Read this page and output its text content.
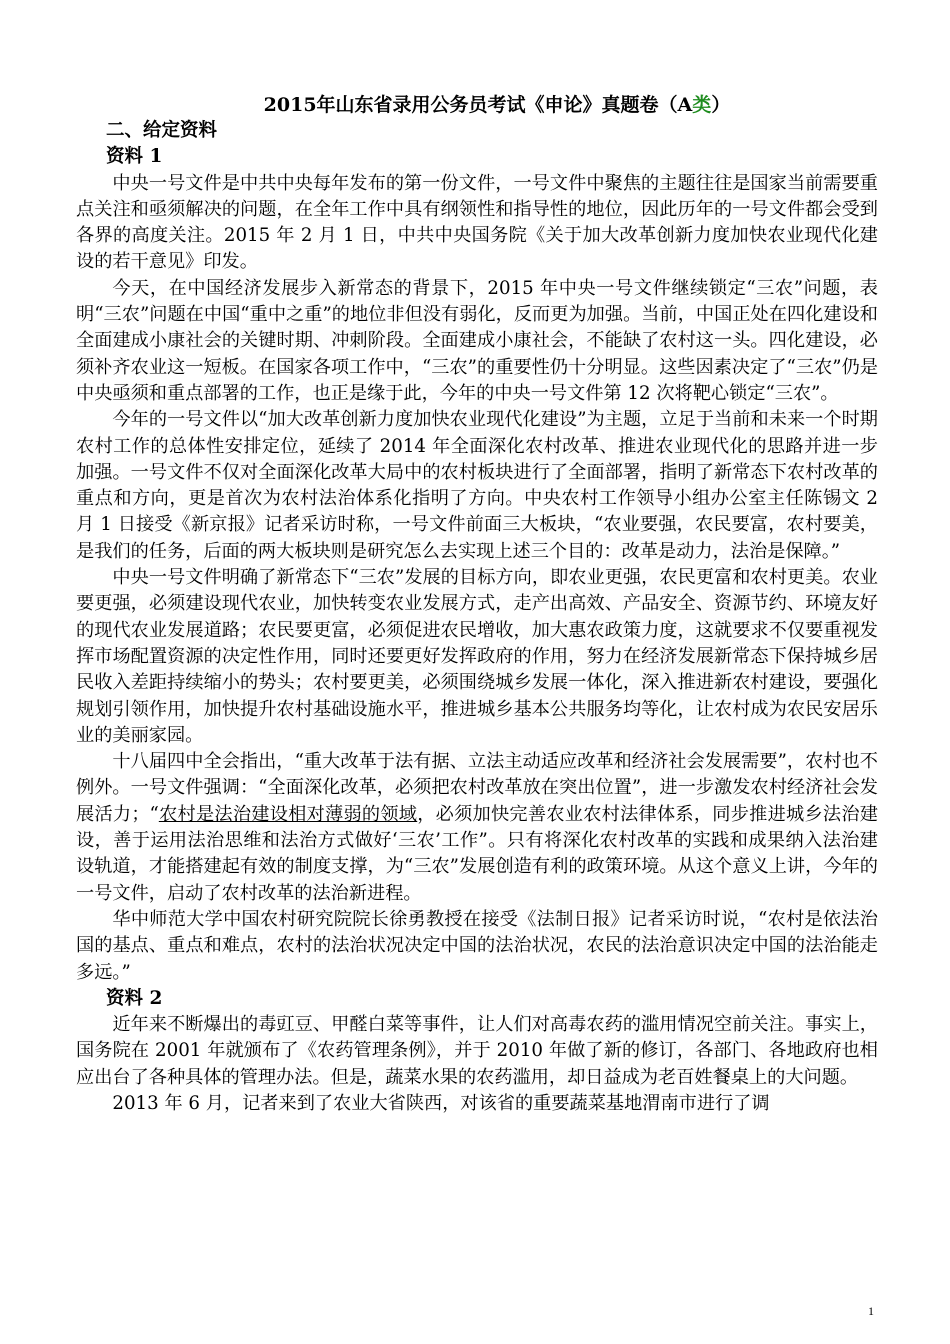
2015年山东省录用公务员考试《申论》真题卷（A类）
二、给定资料
资料 1

中央一号文件是中共中央每年发布的第一份文件，一号文件中聚焦的主题往往是国家当前需要重点关注和亟须解决的问题，在全年工作中具有纲领性和指导性的地位，因此历年的一号文件都会受到各界的高度关注。2015 年 2 月 1 日，中共中央国务院《关于加大改革创新力度加快农业现代化建设的若干意见》印发。

今天，在中国经济发展步入新常态的背景下，2015 年中央一号文件继续锁定“三农”问题，表明“三农”问题在中国“重中之重”的地位非但没有弱化，反而更为加强。当前，中国正处在四化建设和全面建成小康社会的关键时期、冲刺阶段。全面建成小康社会，不能缺了农村这一头。四化建设，必须补齐农业这一短板。在国家各项工作中，“三农”的重要性仍十分明显。这些因素决定了“三农”仍是中央亟须和重点部署的工作，也正是缘于此，今年的中央一号文件第 12 次将靶心锁定“三农”。

今年的一号文件以“加大改革创新力度加快农业现代化建设”为主题，立足于当前和未来一个时期农村工作的总体性安排定位，延续了 2014 年全面深化农村改革、推进农业现代化的思路并进一步加强。一号文件不仅对全面深化改革大局中的农村板块进行了全面部署，指明了新常态下农村改革的重点和方向，更是首次为农村法治体系化指明了方向。中央农村工作领导小组办公室主任陈锡文 2 月 1 日接受《新京报》记者采访时称，一号文件前面三大板块，“农业要强，农民要富，农村要美，是我们的任务，后面的两大板块则是研究怎么去实现上述三个目的：改革是动力，法治是保障。”

中央一号文件明确了新常态下“三农”发展的目标方向，即农业更强，农民更富和农村更美。农业要更强，必须建设现代农业，加快转变农业发展方式，走产出高效、产品安全、资源节约、环境友好的现代农业发展道路；农民要更富，必须促进农民增收，加大惠农政策力度，这就要求不仅要重视发挥市场配置资源的决定性作用，同时还要更好发挥政府的作用，努力在经济发展新常态下保持城乡居民收入差距持续缩小的势头；农村要更美，必须围绕城乡发展一体化，深入推进新农村建设，要强化规划引领作用，加快提升农村基础设施水平，推进城乡基本公共服务均等化，让农村成为农民安居乐业的美丽家园。

十八届四中全会指出，“重大改革于法有据、立法主动适应改革和经济社会发展需要”，农村也不例外。一号文件强调：“全面深化改革，必须把农村改革放在突出位置”，进一步激发农村经济社会发展活力；“农村是法治建设相对薄弱的领域，必须加快完善农业农村法律体系，同步推进城乡法治建设，善于运用法治思维和法治方式做好‘三农’工作”。只有将深化农村改革的实践和成果纳入法治建设轨道，才能搭建起有效的制度支撑，为“三农”发展创造有利的政策环境。从这个意义上讲，今年的一号文件，启动了农村改革的法治新进程。

华中师范大学中国农村研究院院长徐勇教授在接受《法制日报》记者采访时说，“农村是依法治国的基点、重点和难点，农村的法治状况决定中国的法治状况，农民的法治意识决定中国的法治能走多远。”

资料 2

近年来不断爆出的毒豇豆、甲醛白菜等事件，让人们对高毒农药的滥用情况空前关注。事实上，国务院在 2001 年就颁布了《农药管理条例》，并于 2010 年做了新的修订，各部门、各地政府也相应出台了各种具体的管理办法。但是，蔬菜水果的农药滥用，却日益成为老百姓餐桌上的大问题。

2013 年 6 月，记者来到了农业大省陕西，对该省的重要蔬菜基地渭南市进行了调

1
